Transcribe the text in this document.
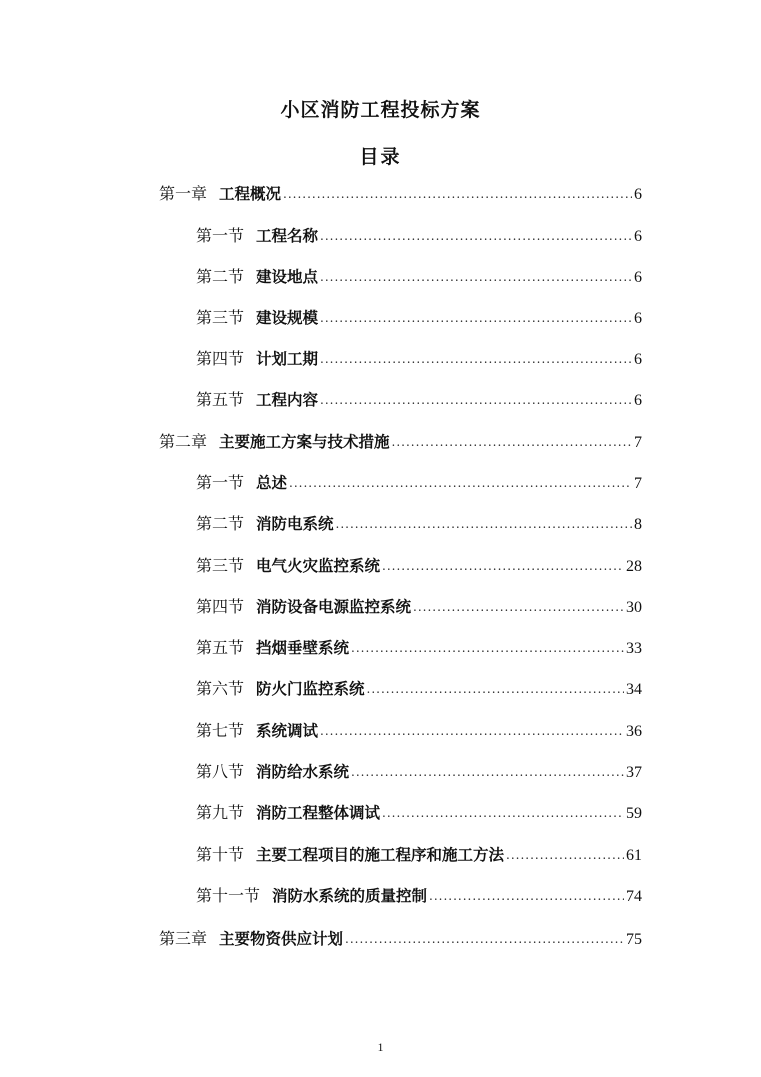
小区消防工程投标方案
目录
第一章 工程概况 .....	6
第一节 工程名称 .....	6
第二节 建设地点 .....	6
第三节 建设规模 .....	6
第四节 计划工期 .....	6
第五节 工程内容 .....	6
第二章 主要施工方案与技术措施 .....	7
第一节 总述 .....	7
第二节 消防电系统 .....	8
第三节 电气火灾监控系统 .....	28
第四节 消防设备电源监控系统 .....	30
第五节 挡烟垂壁系统 .....	33
第六节 防火门监控系统 .....	34
第七节 系统调试 .....	36
第八节 消防给水系统 .....	37
第九节 消防工程整体调试 .....	59
第十节 主要工程项目的施工程序和施工方法 .....	61
第十一节 消防水系统的质量控制 .....	74
第三章 主要物资供应计划 .....	75
1
